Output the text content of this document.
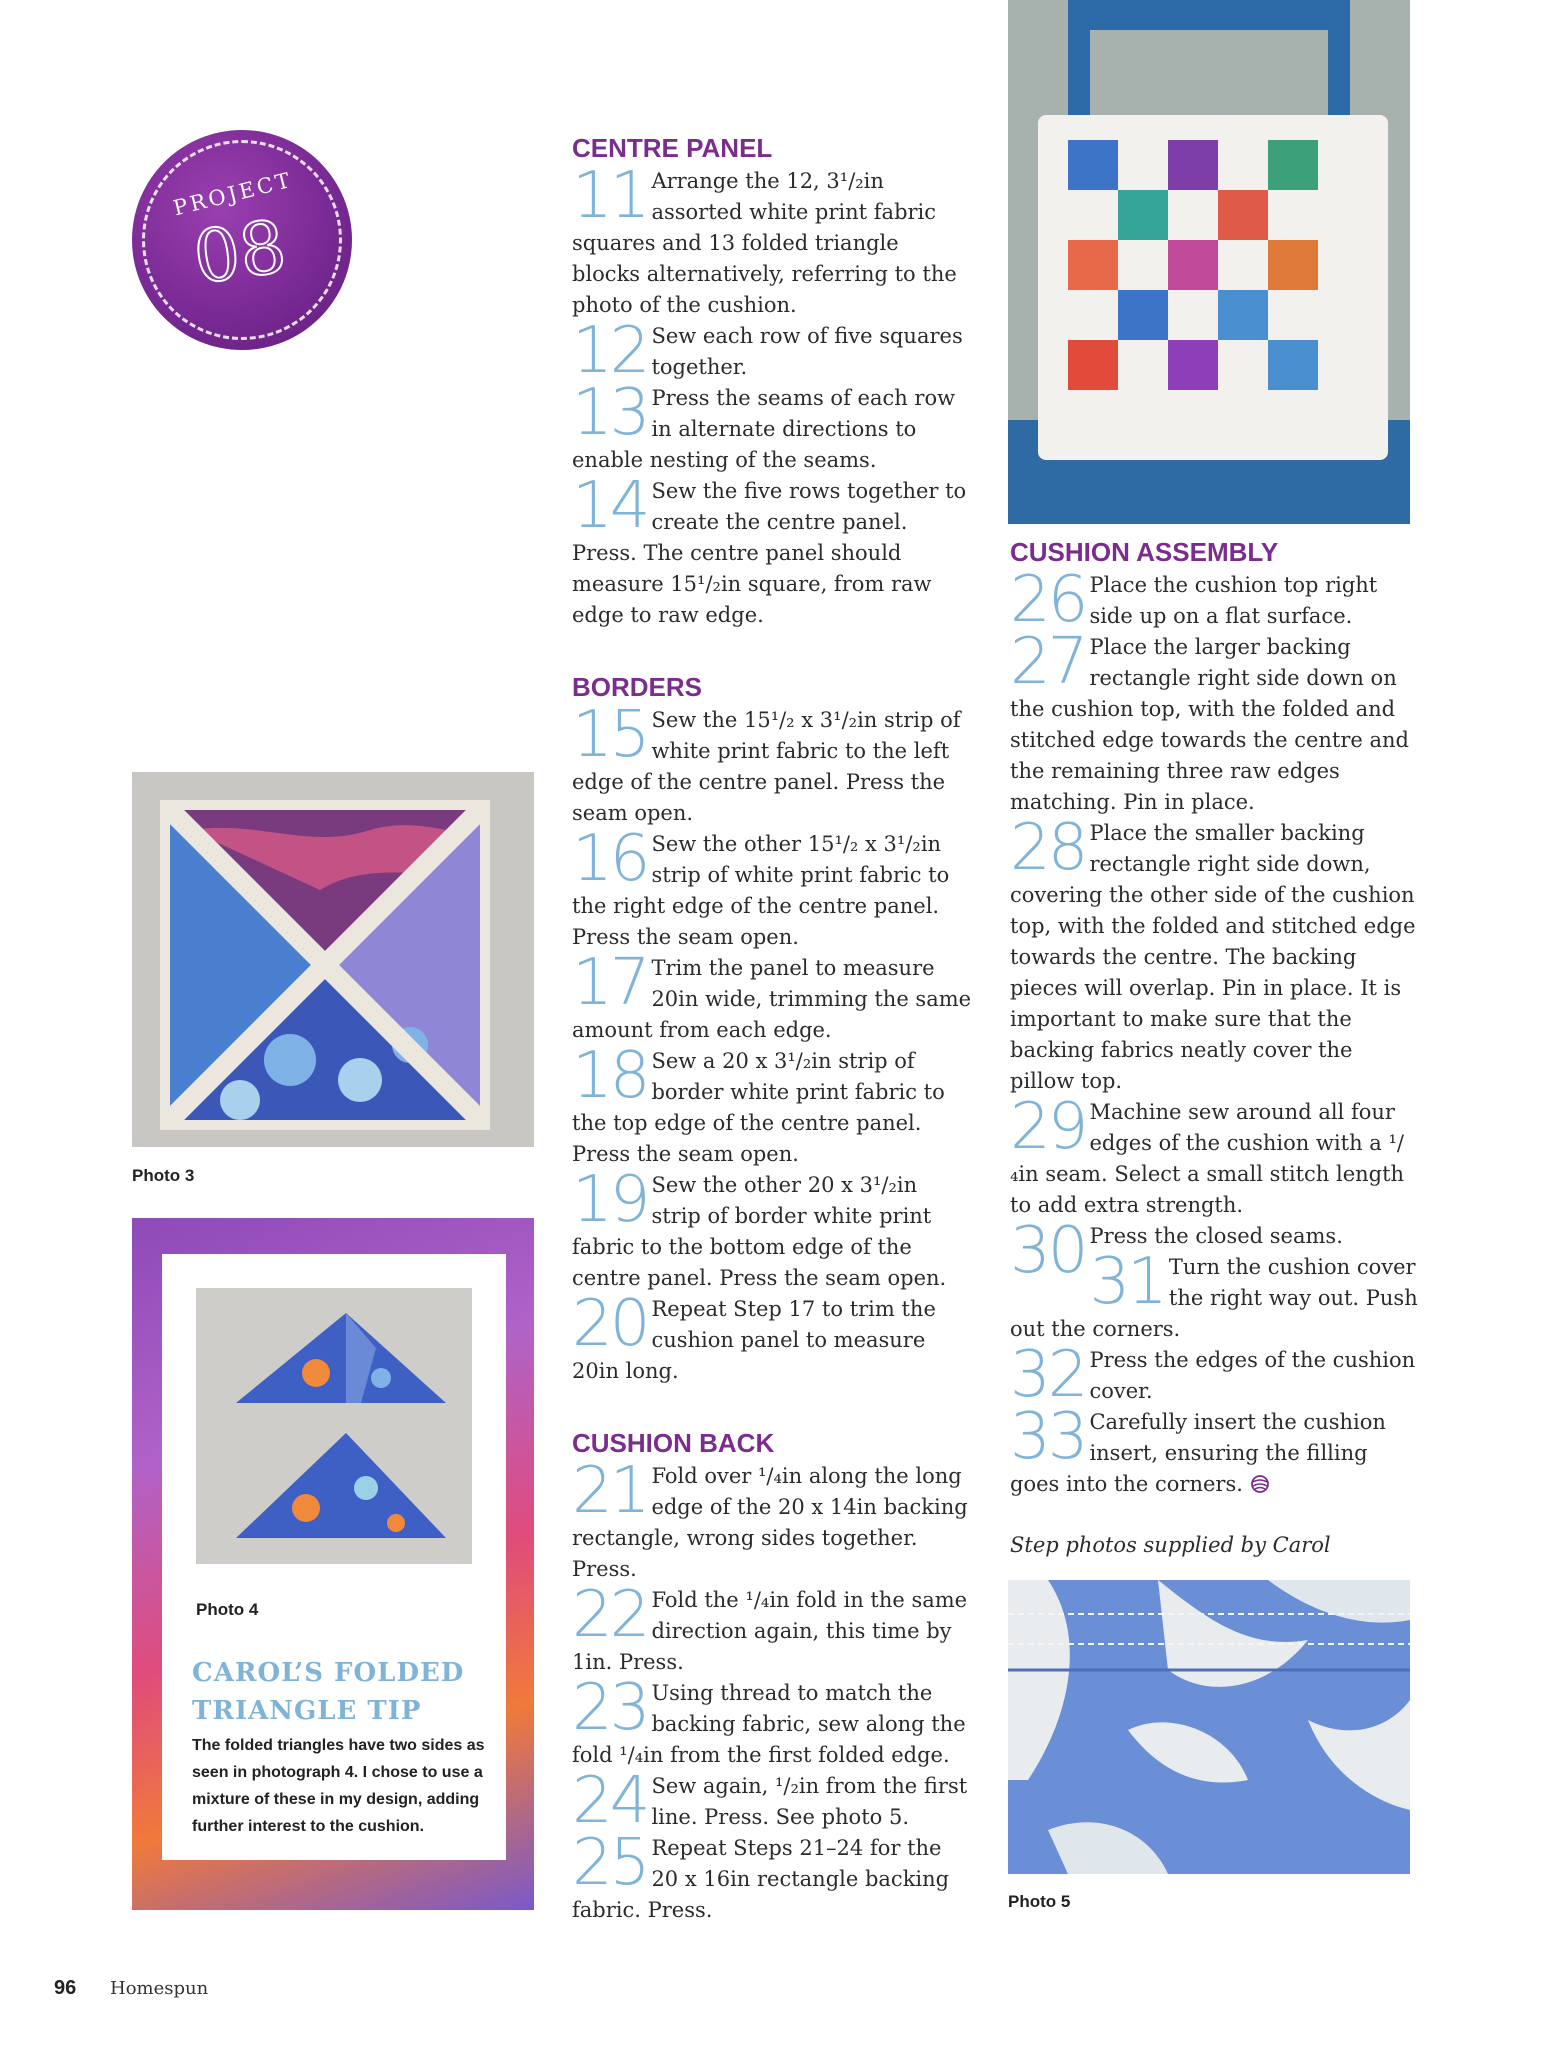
PROJECT
08
Photo 3
Photo 4
CAROL’S FOLDED TRIANGLE TIP
The folded triangles have two sides as seen in photograph 4. I chose to use a mixture of these in my design, adding further interest to the cushion.
CENTRE PANEL
11 Arrange the 12, 3¹/₂in assorted white print fabric squares and 13 folded triangle blocks alternatively, referring to the photo of the cushion.

12 Sew each row of five squares together.

13 Press the seams of each row in alternate directions to enable nesting of the seams.

14 Sew the five rows together to create the centre panel. Press. The centre panel should measure 15¹/₂in square, from raw edge to raw edge.

BORDERS
15 Sew the 15¹/₂ x 3¹/₂in strip of white print fabric to the left edge of the centre panel. Press the seam open.

16 Sew the other 15¹/₂ x 3¹/₂in strip of white print fabric to the right edge of the centre panel. Press the seam open.

17 Trim the panel to measure 20in wide, trimming the same amount from each edge.

18 Sew a 20 x 3¹/₂in strip of border white print fabric to the top edge of the centre panel. Press the seam open.

19 Sew the other 20 x 3¹/₂in strip of border white print fabric to the bottom edge of the centre panel. Press the seam open.

20 Repeat Step 17 to trim the cushion panel to measure 20in long.

CUSHION BACK
21 Fold over ¹/₄in along the long edge of the 20 x 14in backing rectangle, wrong sides together. Press.

22 Fold the ¹/₄in fold in the same direction again, this time by 1in. Press.

23 Using thread to match the backing fabric, sew along the fold ¹/₄in from the first folded edge.

24 Sew again, ¹/₂in from the first line. Press. See photo 5.

25 Repeat Steps 21–24 for the 20 x 16in rectangle backing fabric. Press.

CUSHION ASSEMBLY
26 Place the cushion top right side up on a flat surface.

27 Place the larger backing rectangle right side down on the cushion top, with the folded and stitched edge towards the centre and the remaining three raw edges matching. Pin in place.

28 Place the smaller backing rectangle right side down, covering the other side of the cushion top, with the folded and stitched edge towards the centre. The backing pieces will overlap. Pin in place. It is important to make sure that the backing fabrics neatly cover the pillow top.

29 Machine sew around all four edges of the cushion with a ¹/₄in seam. Select a small stitch length to add extra strength.

30 Press the closed seams.

31 Turn the cushion cover the right way out. Push out the corners.

32 Press the edges of the cushion cover.

33 Carefully insert the cushion insert, ensuring the filling goes into the corners.

Step photos supplied by Carol
Photo 5
96 Homespun
